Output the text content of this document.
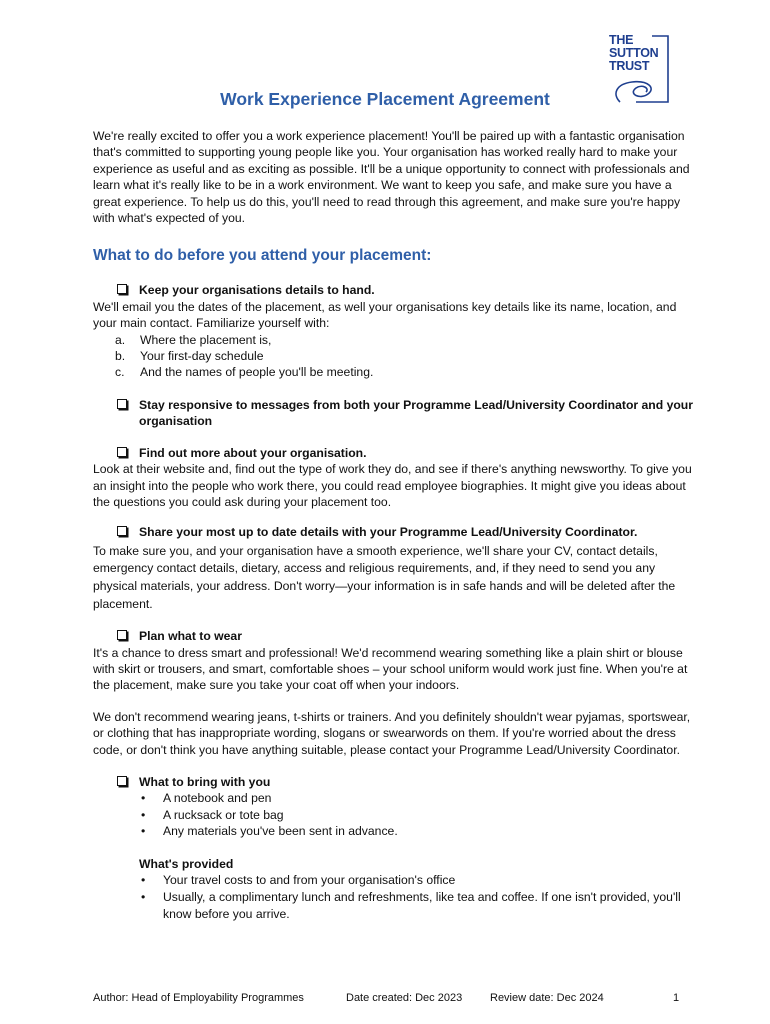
THE
SUTTON
TRUST
Work Experience Placement Agreement

We're really excited to offer you a work experience placement! You'll be paired up with a fantastic organisation that's committed to supporting young people like you. Your organisation has worked really hard to make your experience as useful and as exciting as possible. It'll be a unique opportunity to connect with professionals and learn what it's really like to be in a work environment. We want to keep you safe, and make sure you have a great experience. To help us do this, you'll need to read through this agreement, and make sure you're happy with what's expected of you.

What to do before you attend your placement:

Keep your organisations details to hand.

We'll email you the dates of the placement, as well your organisations key details like its name, location, and your main contact. Familiarize yourself with:

a. Where the placement is,
b. Your first-day schedule
c. And the names of people you'll be meeting.

Stay responsive to messages from both your Programme Lead/University Coordinator and your organisation

Find out more about your organisation.

Look at their website and, find out the type of work they do, and see if there's anything newsworthy. To give you an insight into the people who work there, you could read employee biographies. It might give you ideas about the questions you could ask during your placement too.

Share your most up to date details with your Programme Lead/University Coordinator.

To make sure you, and your organisation have a smooth experience, we'll share your CV, contact details, emergency contact details, dietary, access and religious requirements, and, if they need to send you any physical materials, your address. Don't worry—your information is in safe hands and will be deleted after the placement.

Plan what to wear

It's a chance to dress smart and professional! We'd recommend wearing something like a plain shirt or blouse with skirt or trousers, and smart, comfortable shoes – your school uniform would work just fine. When you're at the placement, make sure you take your coat off when your indoors.

We don't recommend wearing jeans, t-shirts or trainers. And you definitely shouldn't wear pyjamas, sportswear, or clothing that has inappropriate wording, slogans or swearwords on them. If you're worried about the dress code, or don't think you have anything suitable, please contact your Programme Lead/University Coordinator.

What to bring with you

• A notebook and pen
• A rucksack or tote bag
• Any materials you've been sent in advance.

What's provided

• Your travel costs to and from your organisation's office
• Usually, a complimentary lunch and refreshments, like tea and coffee. If one isn't provided, you'll know before you arrive.
Author: Head of Employability Programmes	Date created: Dec 2023	Review date: Dec 2024	1
